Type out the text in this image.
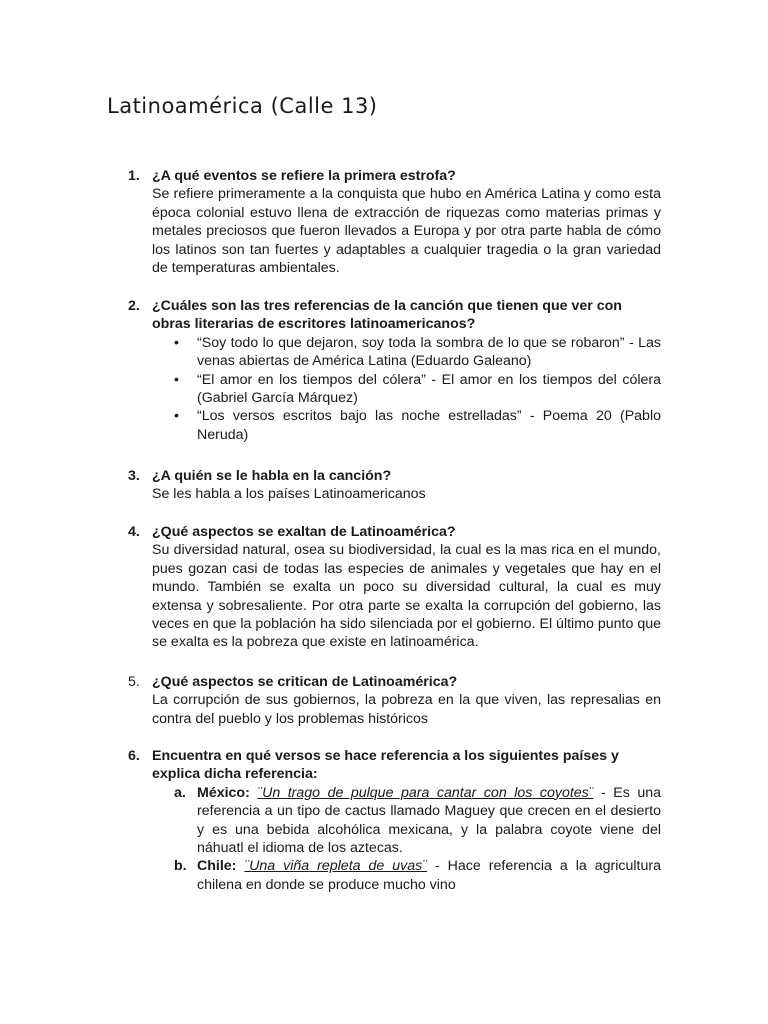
Latinoamérica (Calle 13)
1. ¿A qué eventos se refiere la primera estrofa?
Se refiere primeramente a la conquista que hubo en América Latina y como esta época colonial estuvo llena de extracción de riquezas como materias primas y metales preciosos que fueron llevados a Europa y por otra parte habla de cómo los latinos son tan fuertes y adaptables a cualquier tragedia o la gran variedad de temperaturas ambientales.
2. ¿Cuáles son las tres referencias de la canción que tienen que ver con obras literarias de escritores latinoamericanos?
• “Soy todo lo que dejaron, soy toda la sombra de lo que se robaron” - Las venas abiertas de América Latina (Eduardo Galeano)
• “El amor en los tiempos del cólera” - El amor en los tiempos del cólera (Gabriel García Márquez)
• “Los versos escritos bajo las noche estrelladas” - Poema 20 (Pablo Neruda)
3. ¿A quién se le habla en la canción?
Se les habla a los países Latinoamericanos
4. ¿Qué aspectos se exaltan de Latinoamérica?
Su diversidad natural, osea su biodiversidad, la cual es la mas rica en el mundo, pues gozan casi de todas las especies de animales y vegetales que hay en el mundo. También se exalta un poco su diversidad cultural, la cual es muy extensa y sobresaliente. Por otra parte se exalta la corrupción del gobierno, las veces en que la población ha sido silenciada por el gobierno. El último punto que se exalta es la pobreza que existe en latinoamérica.
5. ¿Qué aspectos se critican de Latinoamérica?
La corrupción de sus gobiernos, la pobreza en la que viven, las represalias en contra del pueblo y los problemas históricos
6. Encuentra en qué versos se hace referencia a los siguientes países y explica dicha referencia:
a. México: ¨Un trago de pulque para cantar con los coyotes¨ - Es una referencia a un tipo de cactus llamado Maguey que crecen en el desierto y es una bebida alcohólica mexicana, y la palabra coyote viene del náhuatl el idioma de los aztecas.
b. Chile: ¨Una viña repleta de uvas¨ - Hace referencia a la agricultura chilena en donde se produce mucho vino
